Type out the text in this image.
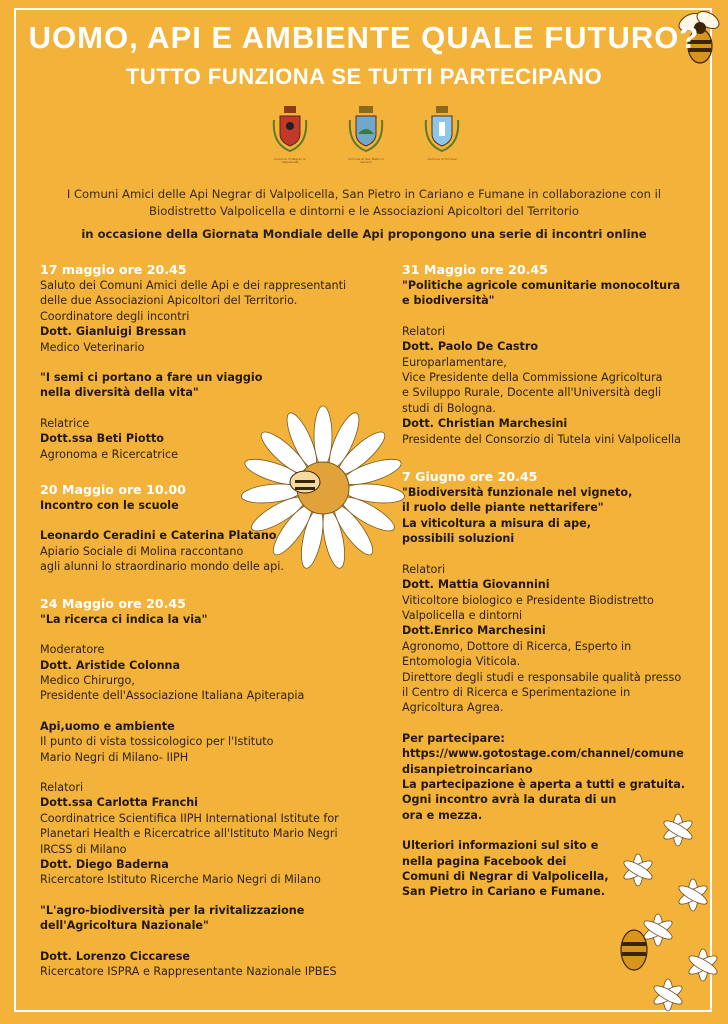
UOMO, API E AMBIENTE QUALE FUTURO?
TUTTO FUNZIONA SE TUTTI PARTECIPANO
Comune di Negrar di Valpolicella
Comune di San Pietro in Cariano
Comune di Fumane
I Comuni Amici delle Api Negrar di Valpolicella, San Pietro in Cariano e Fumane in collaborazione con il
Biodistretto Valpolicella e dintorni e le Associazioni Apicoltori del Territorio
in occasione della Giornata Mondiale delle Api propongono una serie di incontri online

17 maggio ore 20.45

Saluto dei Comuni Amici delle Api e dei rappresentanti

delle due Associazioni Apicoltori del Territorio.

Coordinatore degli incontri

Dott. Gianluigi Bressan

Medico Veterinario

"I semi ci portano a fare un viaggio

nella diversità della vita"

Relatrice

Dott.ssa Beti Piotto

Agronoma e Ricercatrice

20 Maggio ore 10.00

Incontro con le scuole

Leonardo Ceradini e Caterina Platano

Apiario Sociale di Molina raccontano

agli alunni lo straordinario mondo delle api.

24 Maggio ore 20.45

"La ricerca ci indica la via"

Moderatore

Dott. Aristide Colonna

Medico Chirurgo,

Presidente dell'Associazione Italiana Apiterapia

Api,uomo e ambiente

Il punto di vista tossicologico per l'Istituto

Mario Negri di Milano- IIPH

Relatori

Dott.ssa Carlotta Franchi

Coordinatrice Scientifica IIPH International Istitute for

Planetari Health e Ricercatrice all'Istituto Mario Negri

IRCSS di Milano

Dott. Diego Baderna

Ricercatore Istituto Ricerche Mario Negri di Milano

"L'agro-biodiversità per la rivitalizzazione

dell'Agricoltura Nazionale"

Dott. Lorenzo Ciccarese

Ricercatore ISPRA e Rappresentante Nazionale IPBES

31 Maggio ore 20.45

"Politiche agricole comunitarie monocoltura

e biodiversità"

Relatori

Dott. Paolo De Castro

Europarlamentare,

Vice Presidente della Commissione Agricoltura

e Sviluppo Rurale, Docente all'Università degli

studi di Bologna.

Dott. Christian Marchesini

Presidente del Consorzio di Tutela vini Valpolicella

7 Giugno ore 20.45

"Biodiversità funzionale nel vigneto,

il ruolo delle piante nettarifere"

La viticoltura a misura di ape,

possibili soluzioni

Relatori

Dott. Mattia Giovannini

Viticoltore biologico e Presidente Biodistretto

Valpolicella e dintorni

Dott.Enrico Marchesini

Agronomo, Dottore di Ricerca, Esperto in

Entomologia Viticola.

Direttore degli studi e responsabile qualità presso

il Centro di Ricerca e Sperimentazione in

Agricoltura Agrea.

Per partecipare:

https://www.gotostage.com/channel/comune

disanpietroincariano

La partecipazione è aperta a tutti e gratuita.

Ogni incontro avrà la durata di un

ora e mezza.

Ulteriori informazioni sul sito e

nella pagina Facebook dei

Comuni di Negrar di Valpolicella,

San Pietro in Cariano e Fumane.
